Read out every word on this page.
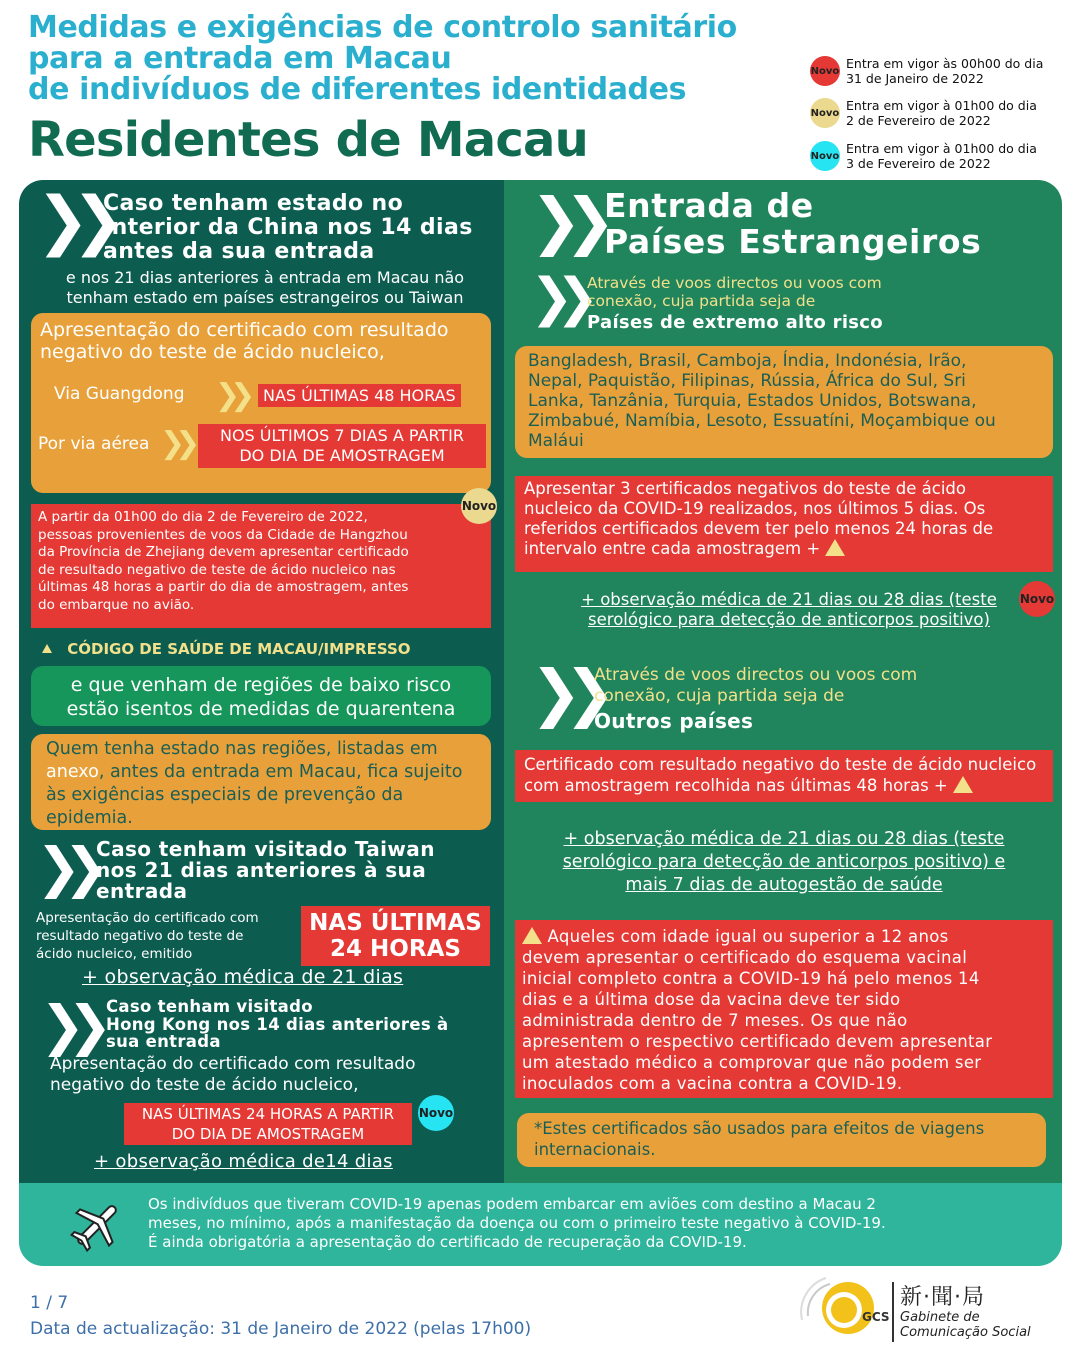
Medidas e exigências de controlo sanitário
para a entrada em Macau
de indivíduos de diferentes identidades
Residentes de Macau
Novo Entra em vigor às 00h00 do dia
31 de Janeiro de 2022
Novo Entra em vigor à 01h00 do dia
2 de Fevereiro de 2022
Novo Entra em vigor à 01h00 do dia
3 de Fevereiro de 2022
❯❯
Caso tenham estado no
Interior da China nos 14 dias
antes da sua entrada
e nos 21 dias anteriores à entrada em Macau não
tenham estado em países estrangeiros ou Taiwan
Apresentação do certificado com resultado
negativo do teste de ácido nucleico,
Via Guangdong ❯❯	NAS ÚLTIMAS 48 HORAS
Por via aérea ❯❯	NOS ÚLTIMOS 7 DIAS A PARTIR
DO DIA DE AMOSTRAGEM
A partir da 01h00 do dia 2 de Fevereiro de 2022,
pessoas provenientes de voos da Cidade de Hangzhou
da Província de Zhejiang devem apresentar certificado
de resultado negativo de teste de ácido nucleico nas
últimas 48 horas a partir do dia de amostragem, antes
do embarque no avião.
Novo
CÓDIGO DE SAÚDE DE MACAU/IMPRESSO
e que venham de regiões de baixo risco
estão isentos de medidas de quarentena
Quem tenha estado nas regiões, listadas em
anexo, antes da entrada em Macau, fica sujeito
às exigências especiais de prevenção da
epidemia.
❯❯ Caso tenham visitado Taiwan
nos 21 dias anteriores à sua
entrada
Apresentação do certificado com
resultado negativo do teste de
ácido nucleico, emitido
NAS ÚLTIMAS
24 HORAS
+ observação médica de 21 dias
❯❯ Caso tenham visitado
Hong Kong nos 14 dias anteriores à
sua entrada
Apresentação do certificado com resultado
negativo do teste de ácido nucleico,
NAS ÚLTIMAS 24 HORAS A PARTIR
DO DIA DE AMOSTRAGEM
Novo
+ observação médica de14 dias
❯❯ Entrada de
Países Estrangeiros
❯❯ Através de voos directos ou voos com
conexão, cuja partida seja de
Países de extremo alto risco
Bangladesh, Brasil, Camboja, Índia, Indonésia, Irão,
Nepal, Paquistão, Filipinas, Rússia, África do Sul, Sri
Lanka, Tanzânia, Turquia, Estados Unidos, Botswana,
Zimbabué, Namíbia, Lesoto, Essuatíni, Moçambique ou
Maláui
Apresentar 3 certificados negativos do teste de ácido
nucleico da COVID-19 realizados, nos últimos 5 dias. Os
referidos certificados devem ter pelo menos 24 horas de
intervalo entre cada amostragem +
+ observação médica de 21 dias ou 28 dias (teste
serológico para detecção de anticorpos positivo)
Novo
❯❯
Através de voos directos ou voos com
conexão, cuja partida seja de
Outros países
Certificado com resultado negativo do teste de ácido nucleico
com amostragem recolhida nas últimas 48 horas +
+ observação médica de 21 dias ou 28 dias (teste
serológico para detecção de anticorpos positivo) e
mais 7 dias de autogestão de saúde
Aqueles com idade igual ou superior a 12 anos
devem apresentar o certificado do esquema vacinal
inicial completo contra a COVID-19 há pelo menos 14
dias e a última dose da vacina deve ter sido
administrada dentro de 7 meses. Os que não
apresentem o respectivo certificado devem apresentar
um atestado médico a comprovar que não podem ser
inoculados com a vacina contra a COVID-19.
*Estes certificados são usados para efeitos de viagens
internacionais.
Os indivíduos que tiveram COVID-19 apenas podem embarcar em aviões com destino a Macau 2
meses, no mínimo, após a manifestação da doença ou com o primeiro teste negativo à COVID-19.
É ainda obrigatória a apresentação do certificado de recuperação da COVID-19.
1 / 7
Data de actualização: 31 de Janeiro de 2022 (pelas 17h00)
GCS
新·聞·局
Gabinete de
Comunicação Social
